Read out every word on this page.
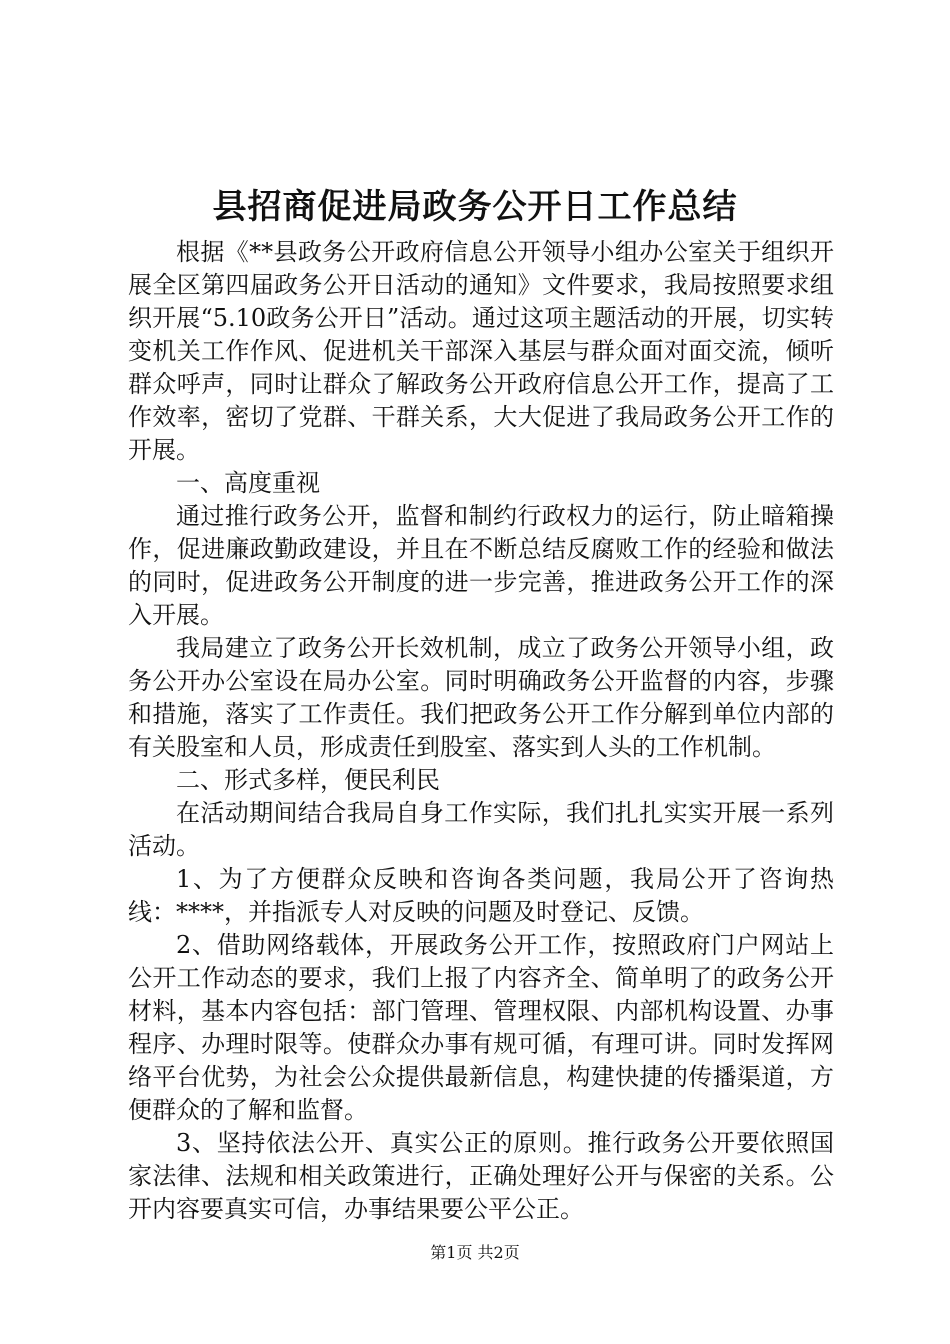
县招商促进局政务公开日工作总结

根据《**县政务公开政府信息公开领导小组办公室关于组织开展全区第四届政务公开日活动的通知》文件要求，我局按照要求组织开展“5.10政务公开日”活动。通过这项主题活动的开展，切实转变机关工作作风、促进机关干部深入基层与群众面对面交流，倾听群众呼声，同时让群众了解政务公开政府信息公开工作，提高了工作效率，密切了党群、干群关系，大大促进了我局政务公开工作的开展。

一、高度重视

通过推行政务公开，监督和制约行政权力的运行，防止暗箱操作，促进廉政勤政建设，并且在不断总结反腐败工作的经验和做法的同时，促进政务公开制度的进一步完善，推进政务公开工作的深入开展。

我局建立了政务公开长效机制，成立了政务公开领导小组，政务公开办公室设在局办公室。同时明确政务公开监督的内容，步骤和措施，落实了工作责任。我们把政务公开工作分解到单位内部的有关股室和人员，形成责任到股室、落实到人头的工作机制。

二、形式多样，便民利民

在活动期间结合我局自身工作实际，我们扎扎实实开展一系列活动。

1、为了方便群众反映和咨询各类问题，我局公开了咨询热线：****，并指派专人对反映的问题及时登记、反馈。

2、借助网络载体，开展政务公开工作，按照政府门户网站上公开工作动态的要求，我们上报了内容齐全、简单明了的政务公开材料，基本内容包括：部门管理、管理权限、内部机构设置、办事程序、办理时限等。使群众办事有规可循，有理可讲。同时发挥网络平台优势，为社会公众提供最新信息，构建快捷的传播渠道，方便群众的了解和监督。

3、坚持依法公开、真实公正的原则。推行政务公开要依照国家法律、法规和相关政策进行，正确处理好公开与保密的关系。公开内容要真实可信，办事结果要公平公正。

第1页 共2页
